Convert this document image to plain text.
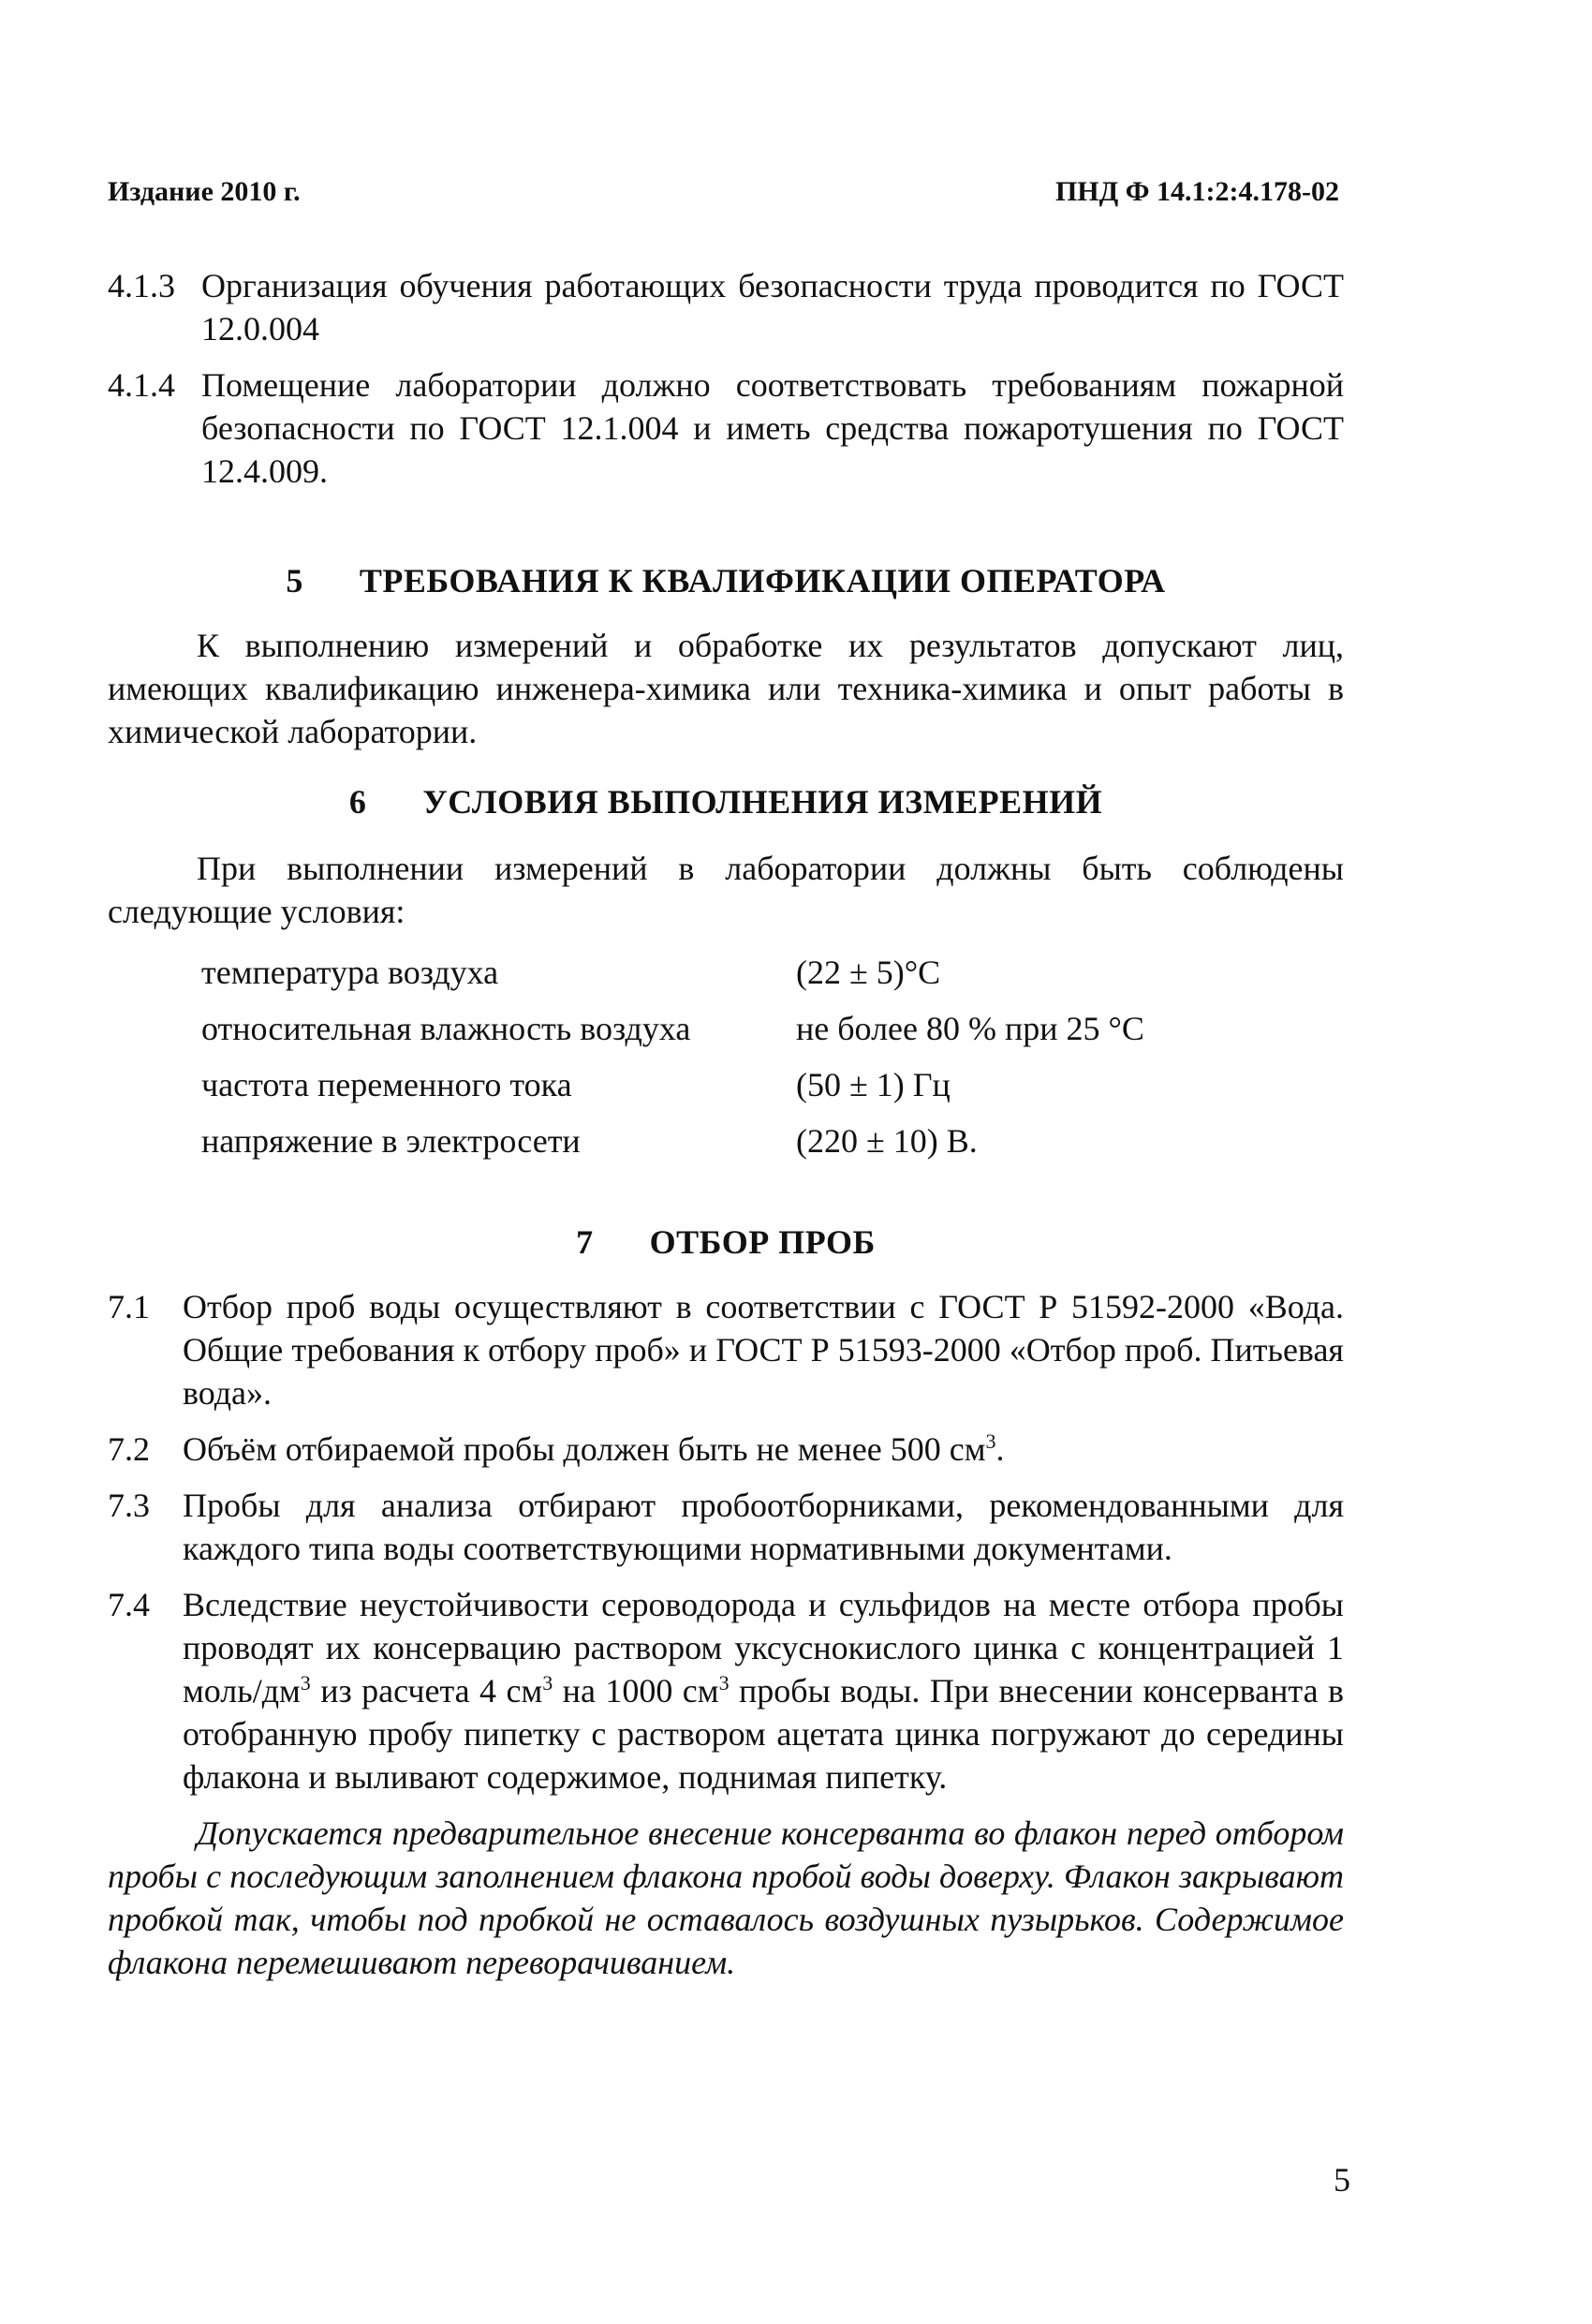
Издание 2010 г.	ПНД Ф 14.1:2:4.178-02
4.1.3 Организация обучения работающих безопасности труда проводится по ГОСТ 12.0.004
4.1.4 Помещение лаборатории должно соответствовать требованиям пожарной безопасности по ГОСТ 12.1.004 и иметь средства пожаротушения по ГОСТ 12.4.009.
5 ТРЕБОВАНИЯ К КВАЛИФИКАЦИИ ОПЕРАТОРА

К выполнению измерений и обработке их результатов допускают лиц, имеющих квалификацию инженера-химика или техника-химика и опыт работы в химической лаборатории.

6 УСЛОВИЯ ВЫПОЛНЕНИЯ ИЗМЕРЕНИЙ

При выполнении измерений в лаборатории должны быть соблюдены следующие условия:

температура воздуха	(22 ± 5)°С
относительная влажность воздуха	не более 80 % при 25 °С
частота переменного тока	(50 ± 1) Гц
напряжение в электросети	(220 ± 10) В.
7 ОТБОР ПРОБ
7.1 Отбор проб воды осуществляют в соответствии с ГОСТ Р 51592-2000 «Вода. Общие требования к отбору проб» и ГОСТ Р 51593-2000 «Отбор проб. Питьевая вода».
7.2 Объём отбираемой пробы должен быть не менее 500 $см^3$.
7.3 Пробы для анализа отбирают пробоотборниками, рекомендованными для каждого типа воды соответствующими нормативными документами.
7.4 Вследствие неустойчивости сероводорода и сульфидов на месте отбора пробы проводят их консервацию раствором уксуснокислого цинка с концентрацией 1 моль/$дм^3$ из расчета 4 $см^3$ на 1000 $см^3$ пробы воды. При внесении консерванта в отобранную пробу пипетку с раствором ацетата цинка погружают до середины флакона и выливают содержимое, поднимая пипетку.

Допускается предварительное внесение консерванта во флакон перед отбором пробы с последующим заполнением флакона пробой воды доверху. Флакон закрывают пробкой так, чтобы под пробкой не оставалось воздушных пузырьков. Содержимое флакона перемешивают переворачиванием.

5
